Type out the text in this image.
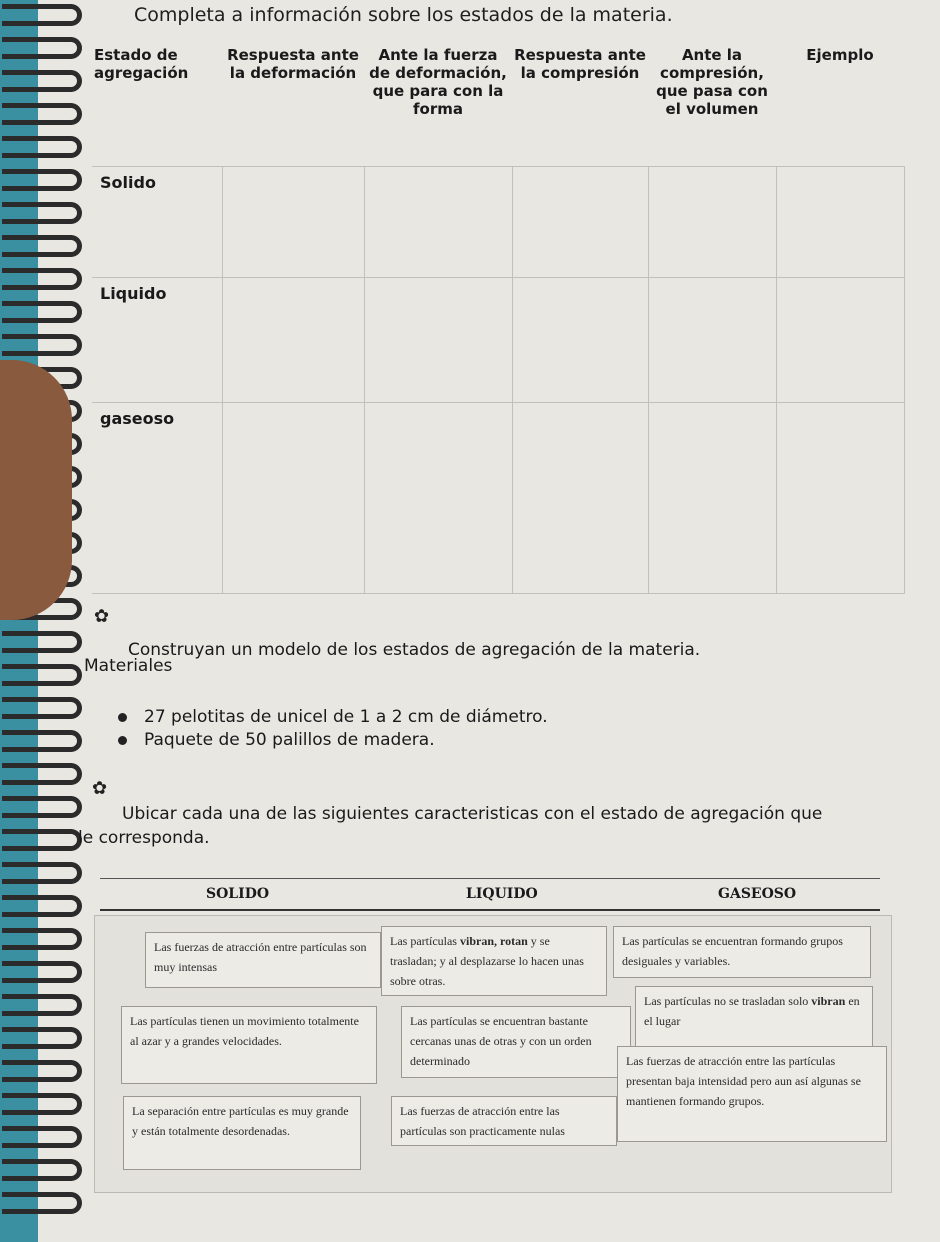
Completa a información sobre los estados de la materia.
Estado de agregación	Respuesta ante la deformación	Ante la fuerza de deformación, que para con la forma	Respuesta ante la compresión	Ante la compresión, que pasa con el volumen	Ejemplo
Solido					
Liquido					
gaseoso					
✿
Construyan un modelo de los estados de agregación de la materia.
Materiales
27 pelotitas de unicel de 1 a 2 cm de diámetro.
Paquete de 50 palillos de madera.
✿
Ubicar cada una de las siguientes caracteristicas con el estado de agregación que
le corresponda.
SOLIDO	LIQUIDO	GASEOSO
Las fuerzas de atracción entre partículas son muy intensas
Las partículas vibran, rotan y se trasladan; y al desplazarse lo hacen unas sobre otras.
Las partículas se encuentran formando grupos desiguales y variables.
Las partículas no se trasladan solo vibran en el lugar
Las partículas tienen un movimiento totalmente al azar y a grandes velocidades.
Las partículas se encuentran bastante cercanas unas de otras y con un orden determinado	Las fuerzas de atracción entre las partículas presentan baja intensidad pero aun así algunas se mantienen formando grupos.
La separación entre partículas es muy grande y están totalmente desordenadas.
Las fuerzas de atracción entre las partículas son practicamente nulas
